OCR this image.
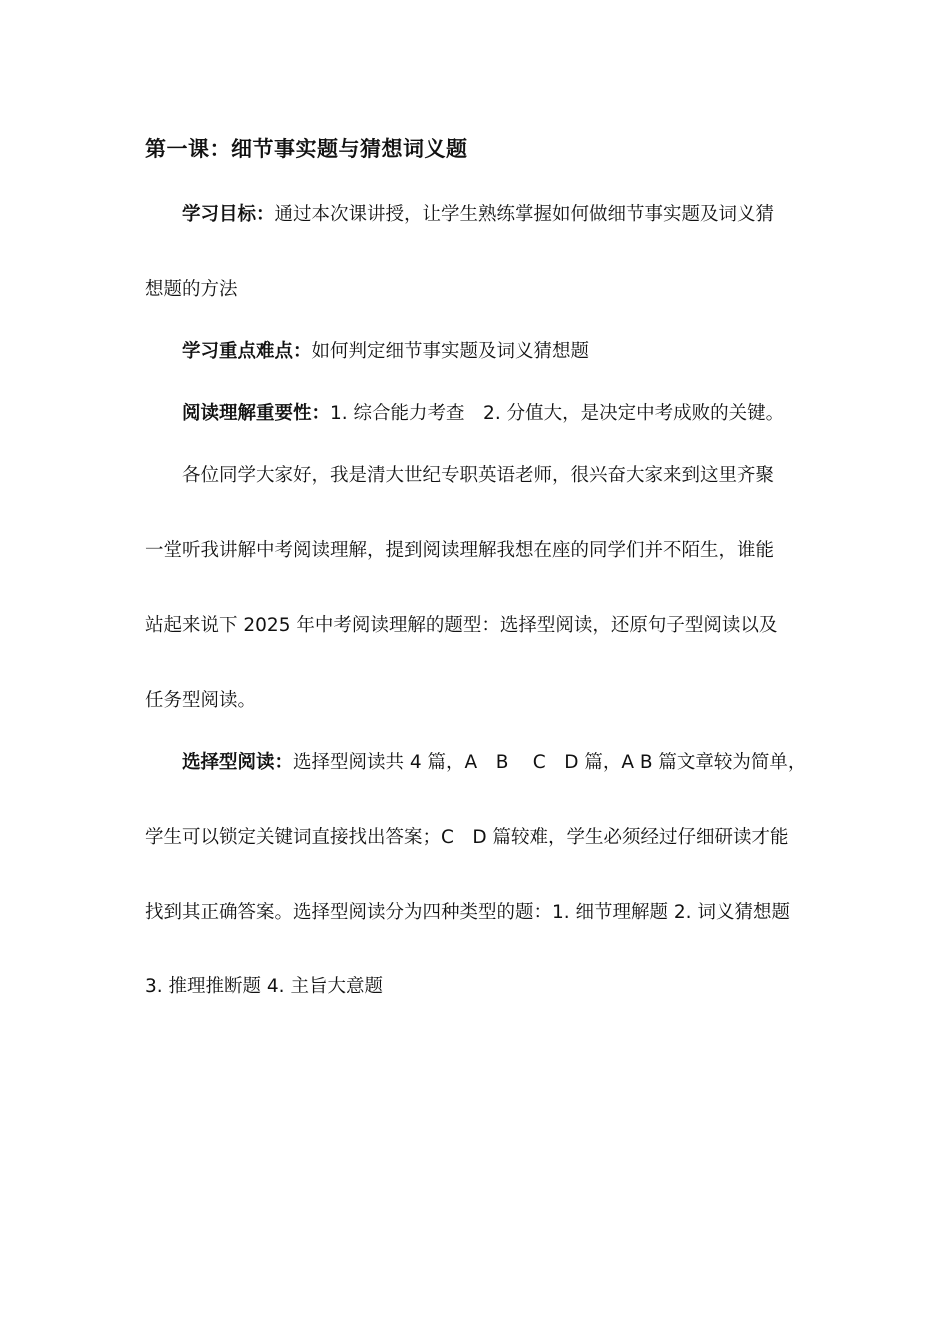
第一课：细节事实题与猜想词义题
学习目标：通过本次课讲授，让学生熟练掌握如何做细节事实题及词义猜
想题的方法
学习重点难点：如何判定细节事实题及词义猜想题
阅读理解重要性：1. 综合能力考查　2. 分值大，是决定中考成败的关键。
各位同学大家好，我是清大世纪专职英语老师，很兴奋大家来到这里齐聚
一堂听我讲解中考阅读理解，提到阅读理解我想在座的同学们并不陌生，谁能
站起来说下 2025 年中考阅读理解的题型：选择型阅读，还原句子型阅读以及
任务型阅读。
选择型阅读：选择型阅读共 4 篇，A　B　 C　D 篇，A B 篇文章较为简单，
学生可以锁定关键词直接找出答案；C　D 篇较难，学生必须经过仔细研读才能
找到其正确答案。选择型阅读分为四种类型的题：1. 细节理解题 2. 词义猜想题
3. 推理推断题 4. 主旨大意题
